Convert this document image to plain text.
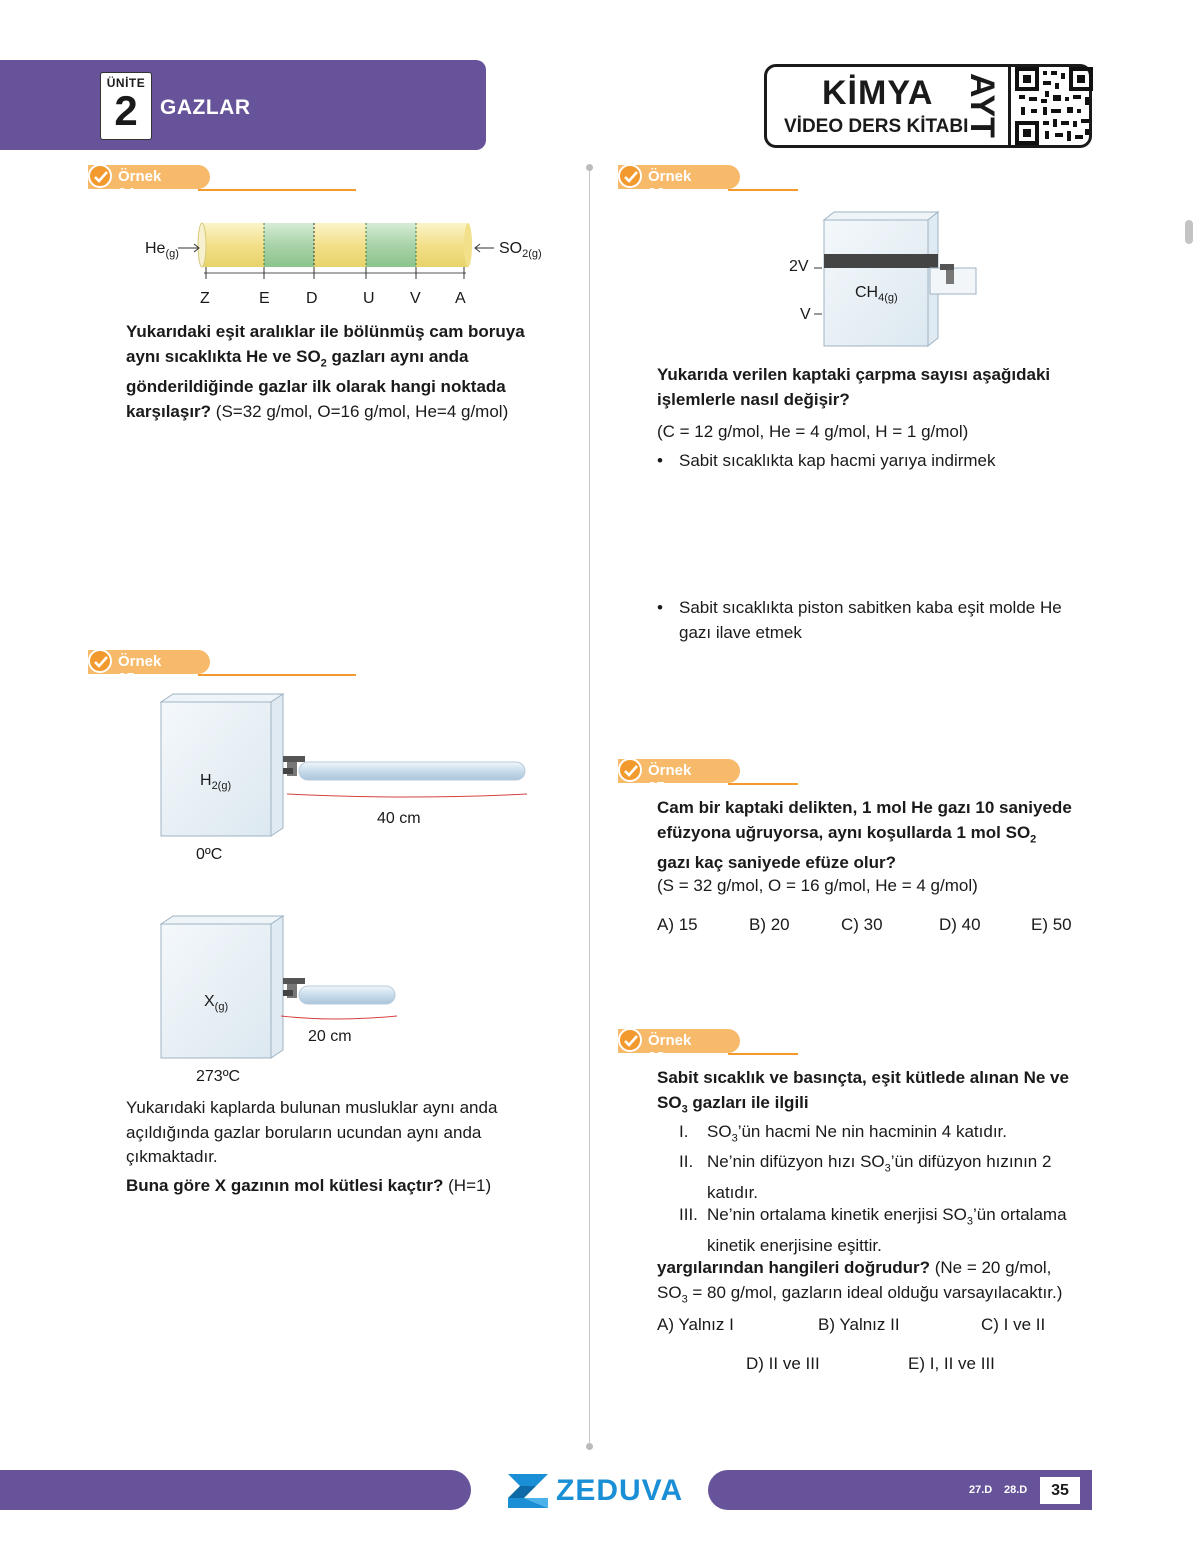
ÜNİTE
2	GAZLAR	KİMYA
VİDEO DERS KİTABI
AYT
Örnek 24
$He_{(g)}$	$SO_{2(g)}$
Z	E D	U V A
Yukarıdaki eşit aralıklar ile bölünmüş cam boruya
aynı sıcaklıkta He ve $SO_2$ gazları aynı anda
gönderildiğinde gazlar ilk olarak hangi noktada
karşılaşır? (S=32 g/mol, O=16 g/mol, He=4 g/mol)
Örnek 25
$H_{2(g)}$
40 cm
0ºC
$X_{(g)}$
20 cm
273ºC
Yukarıdaki kaplarda bulunan musluklar aynı anda
açıldığında gazlar boruların ucundan aynı anda
çıkmaktadır.
Buna göre X gazının mol kütlesi kaçtır? (H=1)
Örnek 26
2V
V
$CH_{4(g)}$
Yukarıda verilen kaptaki çarpma sayısı aşağıdaki
işlemlerle nasıl değişir?
(C = 12 g/mol, He = 4 g/mol, H = 1 g/mol)
• Sabit sıcaklıkta kap hacmi yarıya indirmek
• Sabit sıcaklıkta piston sabitken kaba eşit molde He
gazı ilave etmek
Örnek 27
Cam bir kaptaki delikten, 1 mol He gazı 10 saniyede
efüzyona uğruyorsa, aynı koşullarda 1 mol $SO_2$
gazı kaç saniyede efüze olur?
(S = 32 g/mol, O = 16 g/mol, He = 4 g/mol)
A) 15	B) 20	C) 30	D) 40	E) 50
Örnek 28
Sabit sıcaklık ve basınçta, eşit kütlede alınan Ne ve
$SO_3$ gazları ile ilgili
I. $SO_3’ün$ hacmi Ne nin hacminin 4 katıdır.
II. Ne’nin difüzyon hızı $SO_3’ün$ difüzyon hızının 2
katıdır.
III. Ne’nin ortalama kinetik enerjisi $SO_3’ün$ ortalama
kinetik enerjisine eşittir.
yargılarından hangileri doğrudur? (Ne = 20 g/mol,
$SO_3 = 80$ g/mol, gazların ideal olduğu varsayılacaktır.)
A) Yalnız I	B) Yalnız II	C) I ve II
D) II ve III	E) I, II ve III
ZEDUVA	27.D 28.D	35
